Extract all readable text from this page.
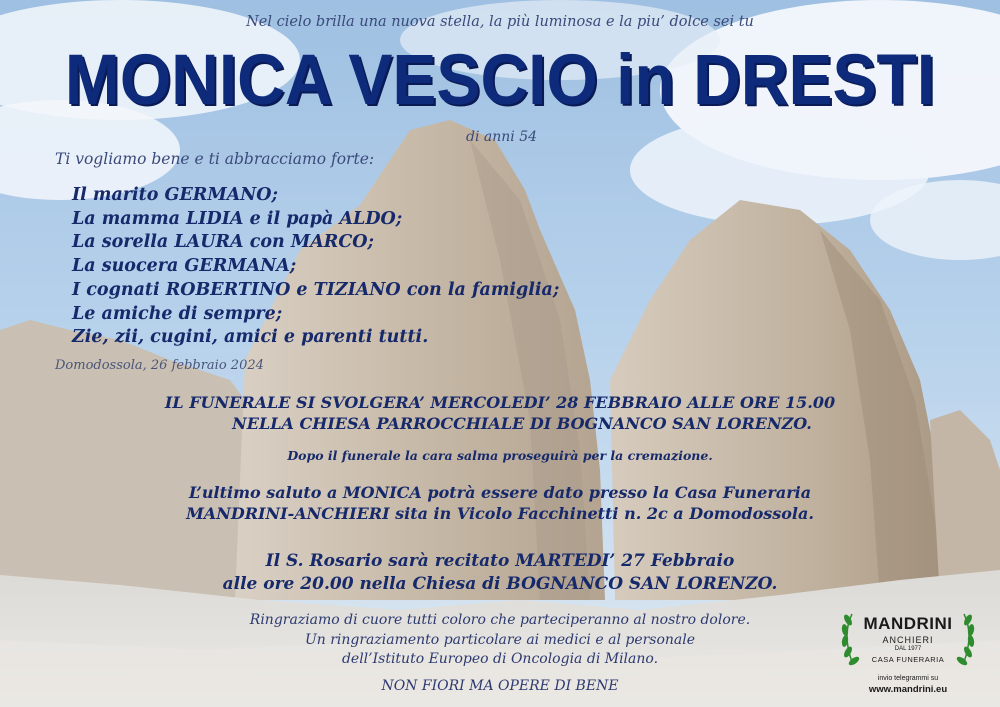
Nel cielo brilla una nuova stella, la più luminosa e la piu’ dolce sei tu
MONICA VESCIO in DRESTI
di anni 54
Ti vogliamo bene e ti abbracciamo forte:
Il marito GERMANO;
La mamma LIDIA e il papà ALDO;
La sorella LAURA con MARCO;
La suocera GERMANA;
I cognati ROBERTINO e TIZIANO con la famiglia;
Le amiche di sempre;
Zie, zii, cugini, amici e parenti tutti.
Domodossola, 26 febbraio 2024
IL FUNERALE SI SVOLGERA’ MERCOLEDI’ 28 FEBBRAIO ALLE ORE 15.00
NELLA CHIESA PARROCCHIALE DI BOGNANCO SAN LORENZO.
Dopo il funerale la cara salma proseguirà per la cremazione.
L’ultimo saluto a MONICA potrà essere dato presso la Casa Funeraria
MANDRINI-ANCHIERI sita in Vicolo Facchinetti n. 2c a Domodossola.
Il S. Rosario sarà recitato MARTEDI’ 27 Febbraio
alle ore 20.00 nella Chiesa di BOGNANCO SAN LORENZO.
Ringraziamo di cuore tutti coloro che parteciperanno al nostro dolore.
Un ringraziamento particolare ai medici e al personale
dell’Istituto Europeo di Oncologia di Milano.
NON FIORI MA OPERE DI BENE
MANDRINI
ANCHIERI
DAL 1977
CASA FUNERARIA
invio telegrammi su
www.mandrini.eu
